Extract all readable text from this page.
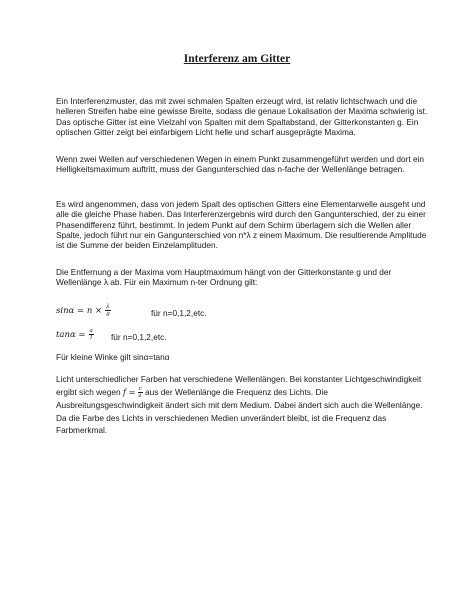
Interferenz am Gitter

Ein Interferenzmuster, das mit zwei schmalen Spalten erzeugt wird, ist relativ lichtschwach und die helleren Streifen habe eine gewisse Breite, sodass die genaue Lokalisation der Maxima schwierig ist. Das optische Gitter ist eine Vielzahl von Spalten mit dem Spaltabstand, der Gitterkonstanten g. Ein optischen Gitter zeigt bei einfarbigem Licht helle und scharf ausgeprägte Maxima.

Wenn zwei Wellen auf verschiedenen Wegen in einem Punkt zusammengeführt werden und dort ein Helligkeitsmaximum auftritt, muss der Gangunterschied das n-fache der Wellenlänge betragen.

Es wird angenommen, dass von jedem Spalt des optischen Gitters eine Elementarwelle ausgeht und alle die gleiche Phase haben. Das Interferenzergebnis wird durch den Gangunterschied, der zu einer Phasendifferenz führt, bestimmt. In jedem Punkt auf dem Schirm überlagern sich die Wellen aller Spalte, jedoch führt nur ein Gangunterschied von n*λ z einem Maximum. Die resultierende Amplitude ist die Summe der beiden Einzelamplituden.

Die Entfernung a der Maxima vom Hauptmaximum hängt von der Gitterkonstante g und der Wellenlänge λ ab. Für ein Maximum n-ter Ordnung gilt:

$\sin\alpha = n \times \frac{\lambda}{g}$	für n=0,1,2,etc.
$\tan\alpha = \frac{a}{l}$ für n=0,1,2,etc.

Für kleine Winke gilt sinα=tanα

Licht unterschiedlicher Farben hat verschiedene Wellenlängen. Bei konstanter Lichtgeschwindigkeit ergibt sich wegen $f = \frac{c}{\lambda}$ aus der Wellenlänge die Frequenz des Lichts. Die Ausbreitungsgeschwindigkeit ändert sich mit dem Medium. Dabei ändert sich auch die Wellenlänge. Da die Farbe des Lichts in verschiedenen Medien unverändert bleibt, ist die Frequenz das Farbmerkmal.
